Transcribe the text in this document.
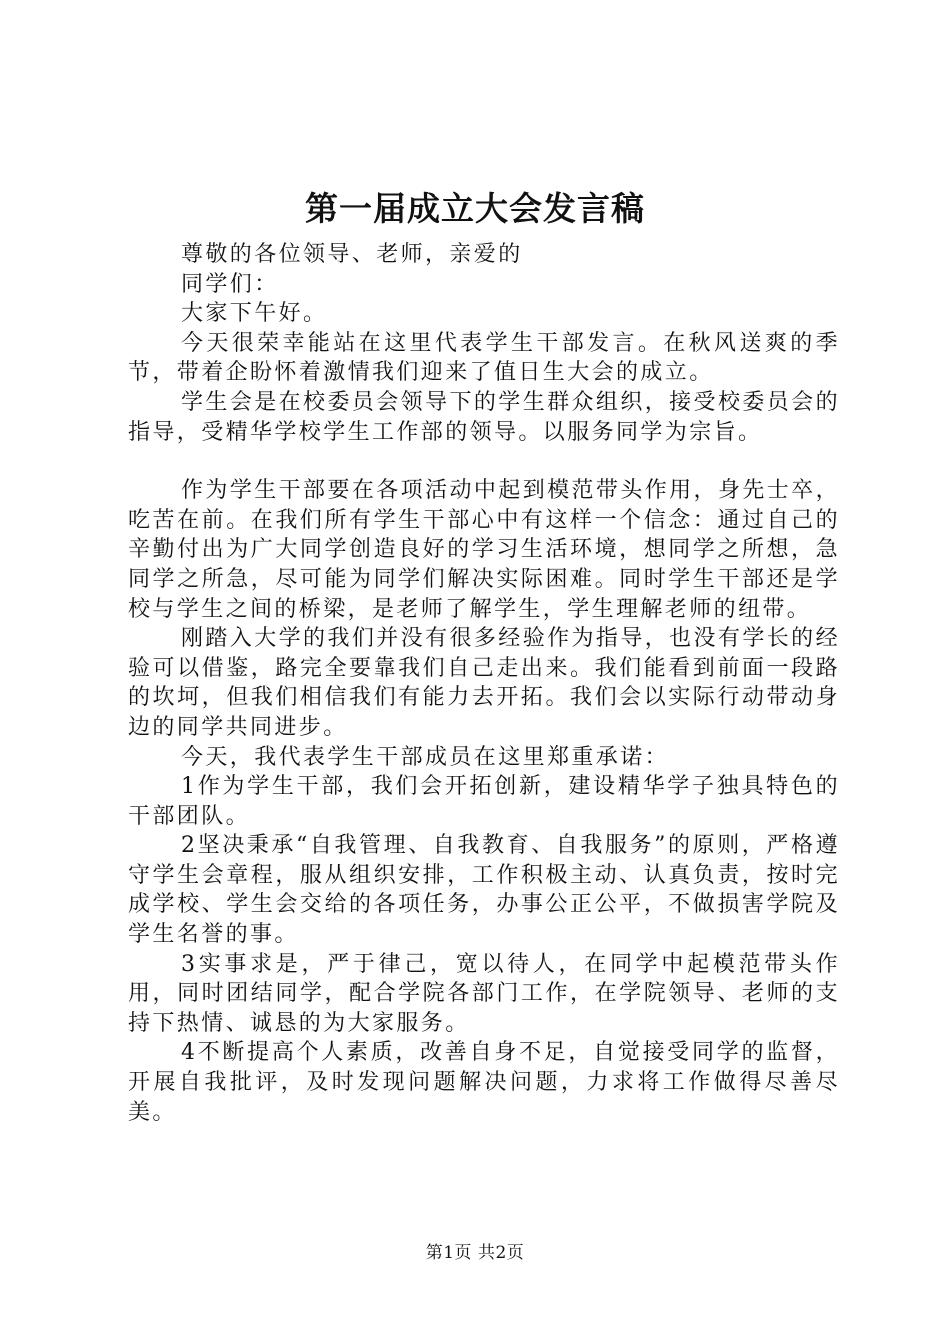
第一届成立大会发言稿

尊敬的各位领导、老师，亲爱的

同学们：

大家下午好。

今天很荣幸能站在这里代表学生干部发言。在秋风送爽的季节，带着企盼怀着激情我们迎来了值日生大会的成立。

学生会是在校委员会领导下的学生群众组织，接受校委员会的指导，受精华学校学生工作部的领导。以服务同学为宗旨。

作为学生干部要在各项活动中起到模范带头作用，身先士卒，吃苦在前。在我们所有学生干部心中有这样一个信念：通过自己的辛勤付出为广大同学创造良好的学习生活环境，想同学之所想，急同学之所急，尽可能为同学们解决实际困难。同时学生干部还是学校与学生之间的桥梁，是老师了解学生，学生理解老师的纽带。

刚踏入大学的我们并没有很多经验作为指导，也没有学长的经验可以借鉴，路完全要靠我们自己走出来。我们能看到前面一段路的坎坷，但我们相信我们有能力去开拓。我们会以实际行动带动身边的同学共同进步。

今天，我代表学生干部成员在这里郑重承诺：

1作为学生干部，我们会开拓创新，建设精华学子独具特色的干部团队。

2坚决秉承“自我管理、自我教育、自我服务”的原则，严格遵守学生会章程，服从组织安排，工作积极主动、认真负责，按时完成学校、学生会交给的各项任务，办事公正公平，不做损害学院及学生名誉的事。

3实事求是，严于律己，宽以待人，在同学中起模范带头作用，同时团结同学，配合学院各部门工作，在学院领导、老师的支持下热情、诚恳的为大家服务。

4不断提高个人素质，改善自身不足，自觉接受同学的监督，开展自我批评，及时发现问题解决问题，力求将工作做得尽善尽美。

第1页 共2页
